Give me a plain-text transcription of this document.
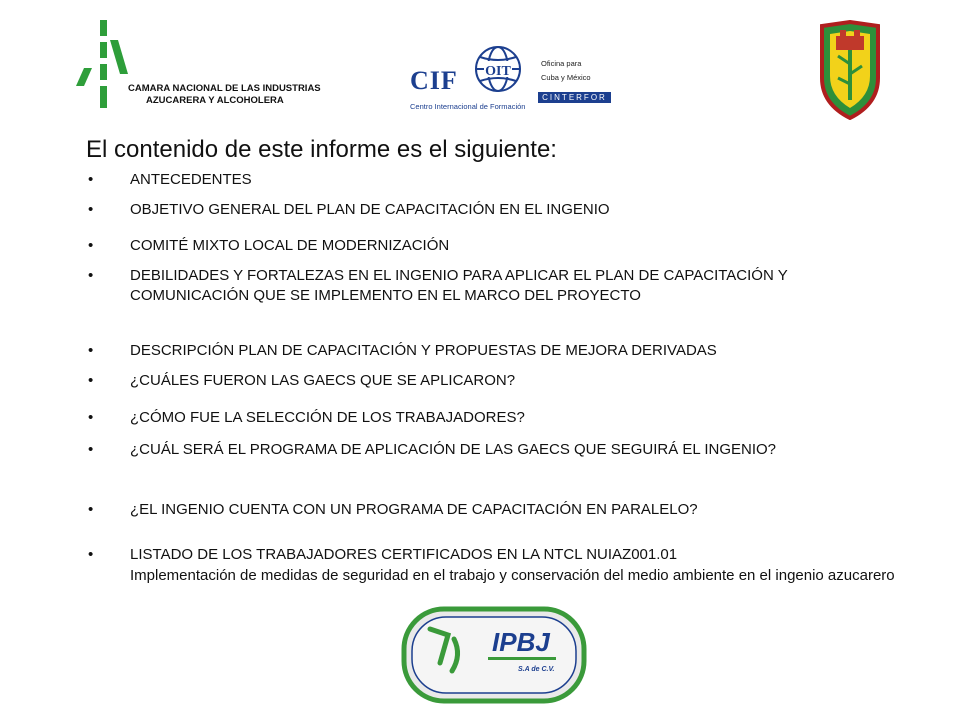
CAMARA NACIONAL DE LAS INDUSTRIAS
AZUCARERA Y ALCOHOLERA
OIT
CIF
Centro Internacional de Formación
Oficina para
Cuba y México
CINTERFOR
El contenido de este informe es el siguiente:
•	ANTECEDENTES
•	OBJETIVO GENERAL DEL PLAN DE CAPACITACIÓN EN EL INGENIO
•	COMITÉ MIXTO LOCAL DE MODERNIZACIÓN
•	DEBILIDADES Y FORTALEZAS EN EL INGENIO PARA APLICAR EL PLAN DE CAPACITACIÓN Y COMUNICACIÓN QUE SE IMPLEMENTO EN EL MARCO DEL PROYECTO
•	DESCRIPCIÓN PLAN DE CAPACITACIÓN Y PROPUESTAS DE MEJORA DERIVADAS
•	¿CUÁLES FUERON LAS GAECS QUE SE APLICARON?
•	¿CÓMO FUE LA SELECCIÓN DE LOS TRABAJADORES?
•	¿CUÁL SERÁ EL PROGRAMA DE APLICACIÓN DE LAS GAECS QUE SEGUIRÁ EL INGENIO?
•	¿EL INGENIO CUENTA CON UN PROGRAMA DE CAPACITACIÓN EN PARALELO?
•	LISTADO DE LOS TRABAJADORES CERTIFICADOS EN LA NTCL NUIAZ001.01
Implementación de medidas de seguridad en el trabajo y conservación del medio ambiente en el ingenio azucarero
IPBJ
S.A de C.V.
